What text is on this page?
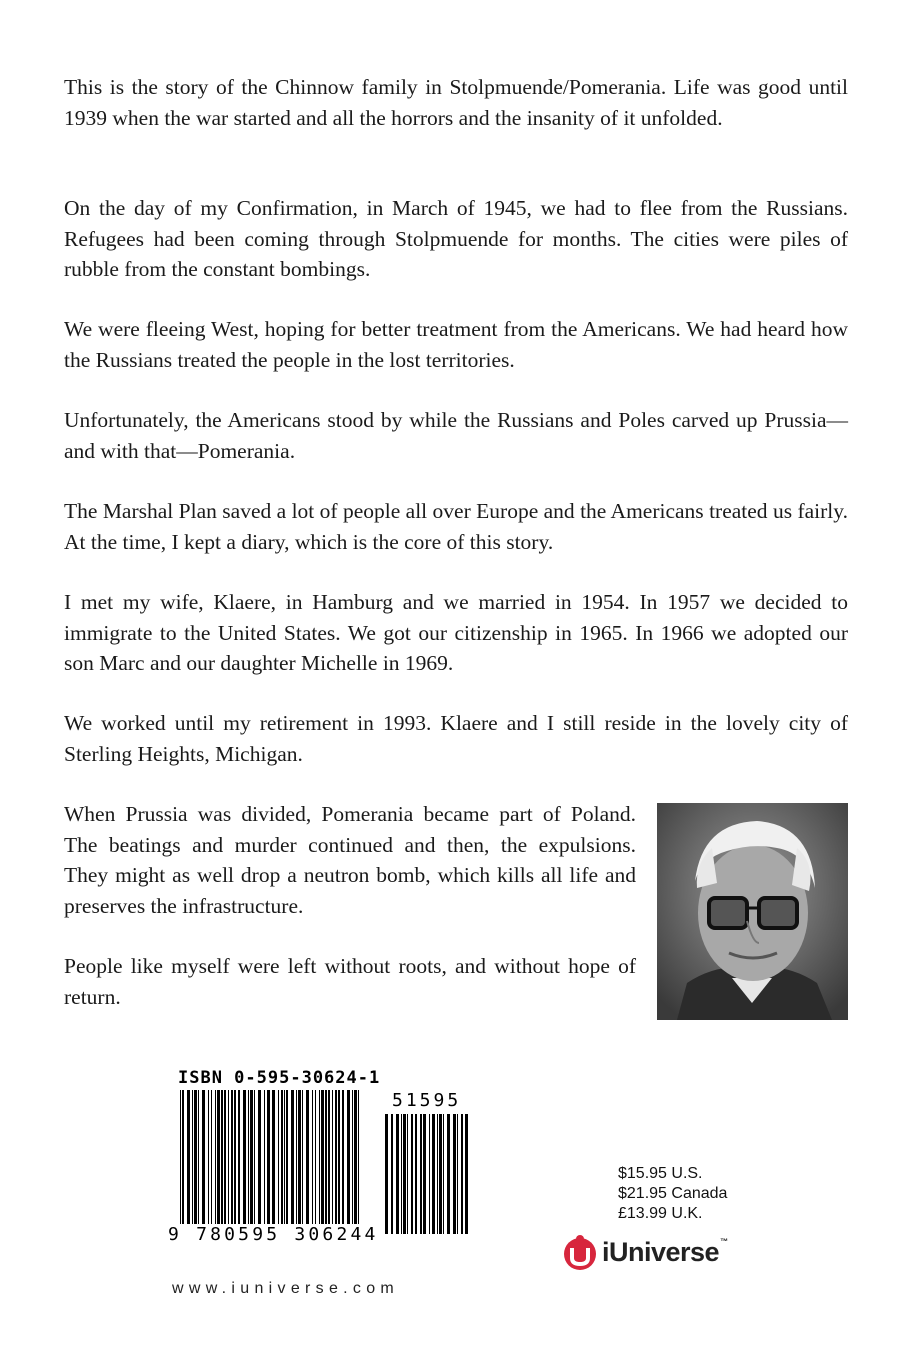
This is the story of the Chinnow family in Stolpmuende/Pomerania. Life was good until 1939 when the war started and all the horrors and the insanity of it unfolded.

On the day of my Confirmation, in March of 1945, we had to flee from the Russians. Refugees had been coming through Stolpmuende for months. The cities were piles of rubble from the constant bombings.

We were fleeing West, hoping for better treatment from the Americans. We had heard how the Russians treated the people in the lost territories.

Unfortunately, the Americans stood by while the Russians and Poles carved up Prussia—and with that—Pomerania.

The Marshal Plan saved a lot of people all over Europe and the Americans treated us fairly. At the time, I kept a diary, which is the core of this story.

I met my wife, Klaere, in Hamburg and we married in 1954. In 1957 we decided to immigrate to the United States. We got our citizenship in 1965. In 1966 we adopted our son Marc and our daughter Michelle in 1969.

We worked until my retirement in 1993. Klaere and I still reside in the lovely city of Sterling Heights, Michigan.

When Prussia was divided, Pomerania became part of Poland. The beatings and murder continued and then, the expulsions. They might as well drop a neutron bomb, which kills all life and preserves the infrastructure.

People like myself were left without roots, and without hope of return.

ISBN 0-595-30624-1
51595
9 780595 306244
www.iuniverse.com
$15.95 U.S.
$21.95 Canada
£13.99 U.K.
iUniverse™
